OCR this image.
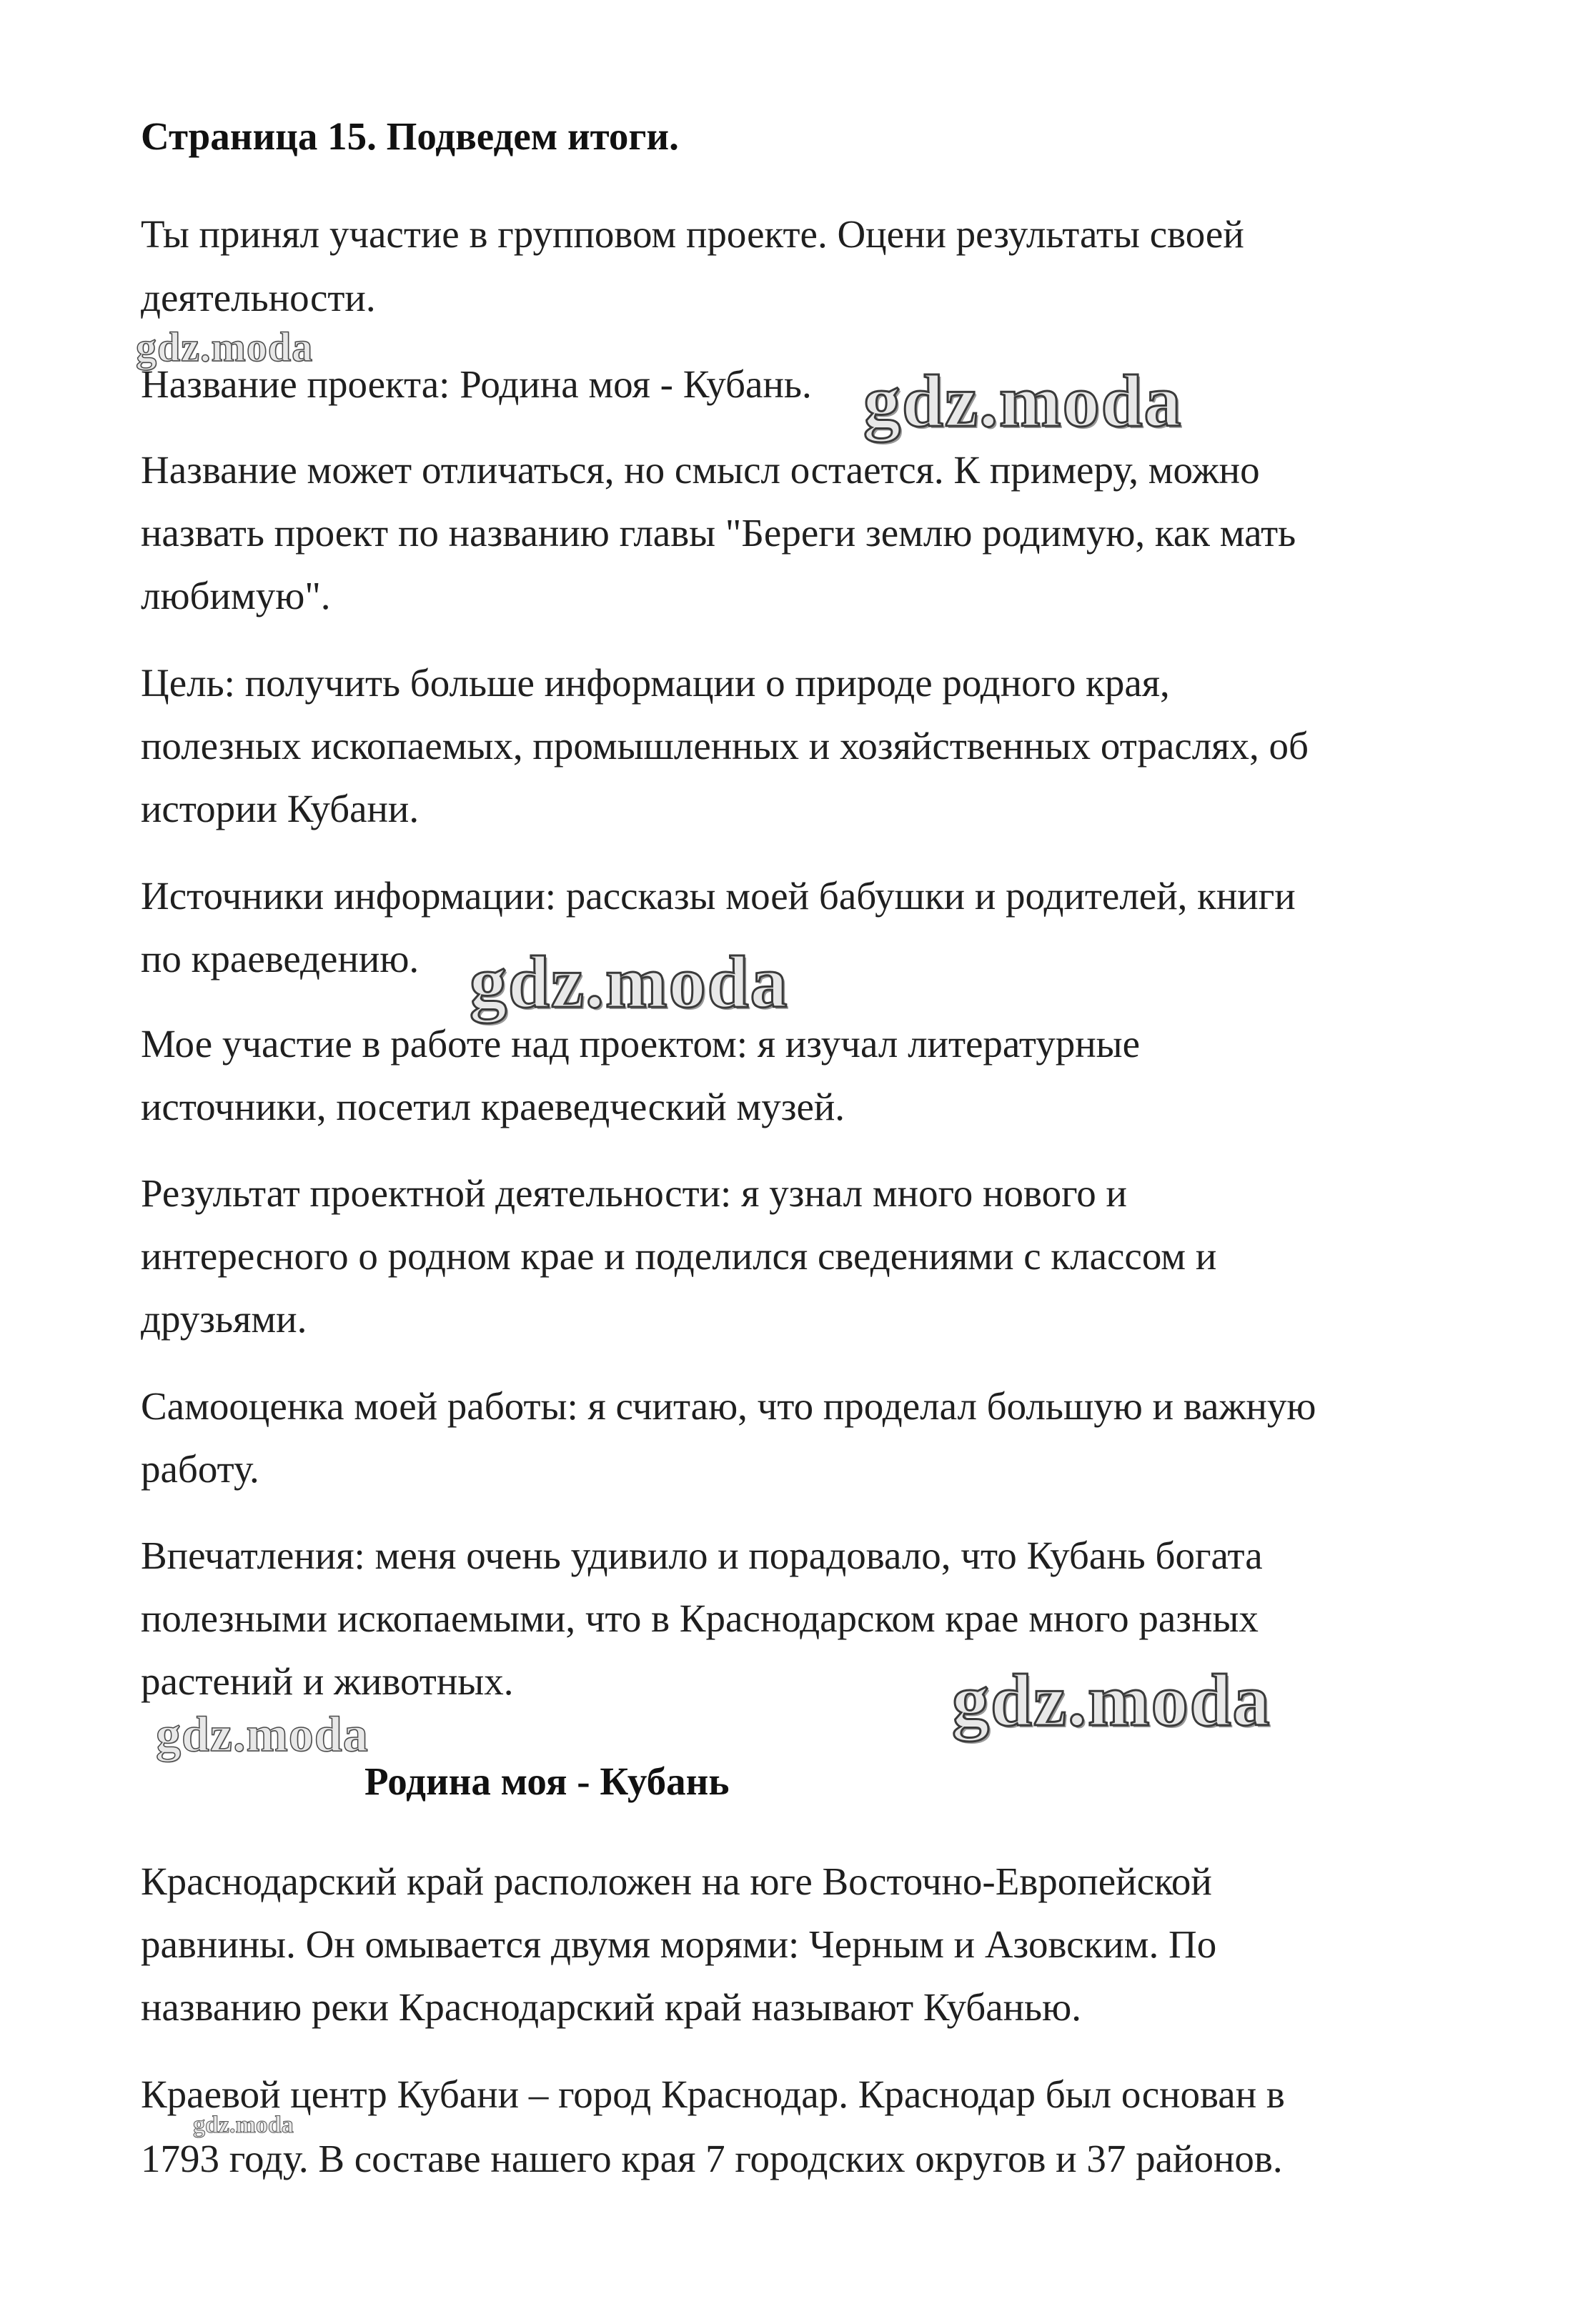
Страница 15. Подведем итоги.
Ты принял участие в групповом проекте. Оцени результаты своей
деятельности.
Название проекта: Родина моя - Кубань.
Название может отличаться, но смысл остается. К примеру, можно
назвать проект по названию главы "Береги землю родимую, как мать
любимую".
Цель: получить больше информации о природе родного края,
полезных ископаемых, промышленных и хозяйственных отраслях, об
истории Кубани.
Источники информации: рассказы моей бабушки и родителей, книги
по краеведению.
Мое участие в работе над проектом: я изучал литературные
источники, посетил краеведческий музей.
Результат проектной деятельности: я узнал много нового и
интересного о родном крае и поделился сведениями с классом и
друзьями.
Самооценка моей работы: я считаю, что проделал большую и важную
работу.
Впечатления: меня очень удивило и порадовало, что Кубань богата
полезными ископаемыми, что в Краснодарском крае много разных
растений и животных.
Родина моя - Кубань
Краснодарский край расположен на юге Восточно-Европейской
равнины. Он омывается двумя морями: Черным и Азовским. По
названию реки Краснодарский край называют Кубанью.
Краевой центр Кубани – город Краснодар. Краснодар был основан в
1793 году. В составе нашего края 7 городских округов и 37 районов.
gdz.moda
gdz.moda
gdz.moda
gdz.moda
gdz.moda
gdz.moda
